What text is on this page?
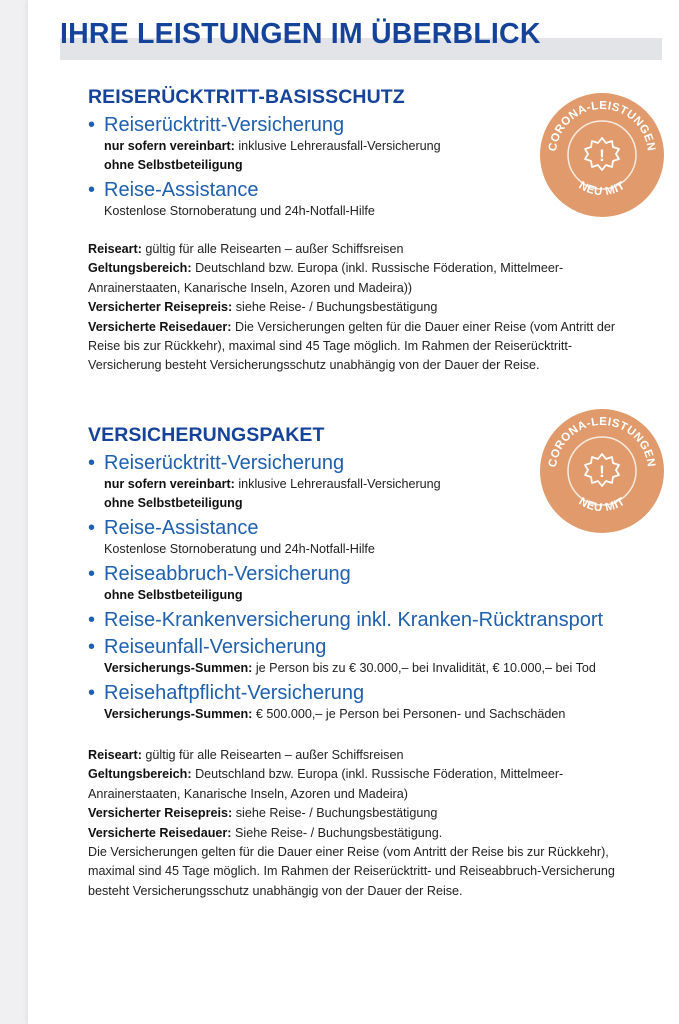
IHRE LEISTUNGEN IM ÜBERBLICK
REISERÜCKTRITT-BASISSCHUTZ
• Reiserücktritt-Versicherung
nur sofern vereinbart: inklusive Lehrerausfall-Versicherung
ohne Selbstbeteiligung
• Reise-Assistance
Kostenlose Stornoberatung und 24h-Notfall-Hilfe

Reiseart: gültig für alle Reisearten – außer Schiffsreisen

Geltungsbereich: Deutschland bzw. Europa (inkl. Russische Föderation, Mittelmeer-Anrainerstaaten, Kanarische Inseln, Azoren und Madeira))

Versicherter Reisepreis: siehe Reise- / Buchungsbestätigung

Versicherte Reisedauer: Die Versicherungen gelten für die Dauer einer Reise (vom Antritt der Reise bis zur Rückkehr), maximal sind 45 Tage möglich. Im Rahmen der Reiserücktritt-Versicherung besteht Versicherungsschutz unabhängig von der Dauer der Reise.

VERSICHERUNGSPAKET
• Reiserücktritt-Versicherung
nur sofern vereinbart: inklusive Lehrerausfall-Versicherung
ohne Selbstbeteiligung
• Reise-Assistance
Kostenlose Stornoberatung und 24h-Notfall-Hilfe
• Reiseabbruch-Versicherung
ohne Selbstbeteiligung
• Reise-Krankenversicherung inkl. Kranken-Rücktransport
• Reiseunfall-Versicherung
Versicherungs-Summen: je Person bis zu € 30.000,– bei Invalidität, € 10.000,– bei Tod
• Reisehaftpflicht-Versicherung
Versicherungs-Summen: € 500.000,– je Person bei Personen- und Sachschäden

Reiseart: gültig für alle Reisearten – außer Schiffsreisen

Geltungsbereich: Deutschland bzw. Europa (inkl. Russische Föderation, Mittelmeer-Anrainerstaaten, Kanarische Inseln, Azoren und Madeira)

Versicherter Reisepreis: siehe Reise- / Buchungsbestätigung

Versicherte Reisedauer: Siehe Reise- / Buchungsbestätigung.

Die Versicherungen gelten für die Dauer einer Reise (vom Antritt der Reise bis zur Rückkehr), maximal sind 45 Tage möglich. Im Rahmen der Reiserücktritt- und Reiseabbruch-Versicherung besteht Versicherungsschutz unabhängig von der Dauer der Reise.

!
CORONA-LEISTUNGEN
NEU MIT
!
CORONA-LEISTUNGEN
NEU MIT
